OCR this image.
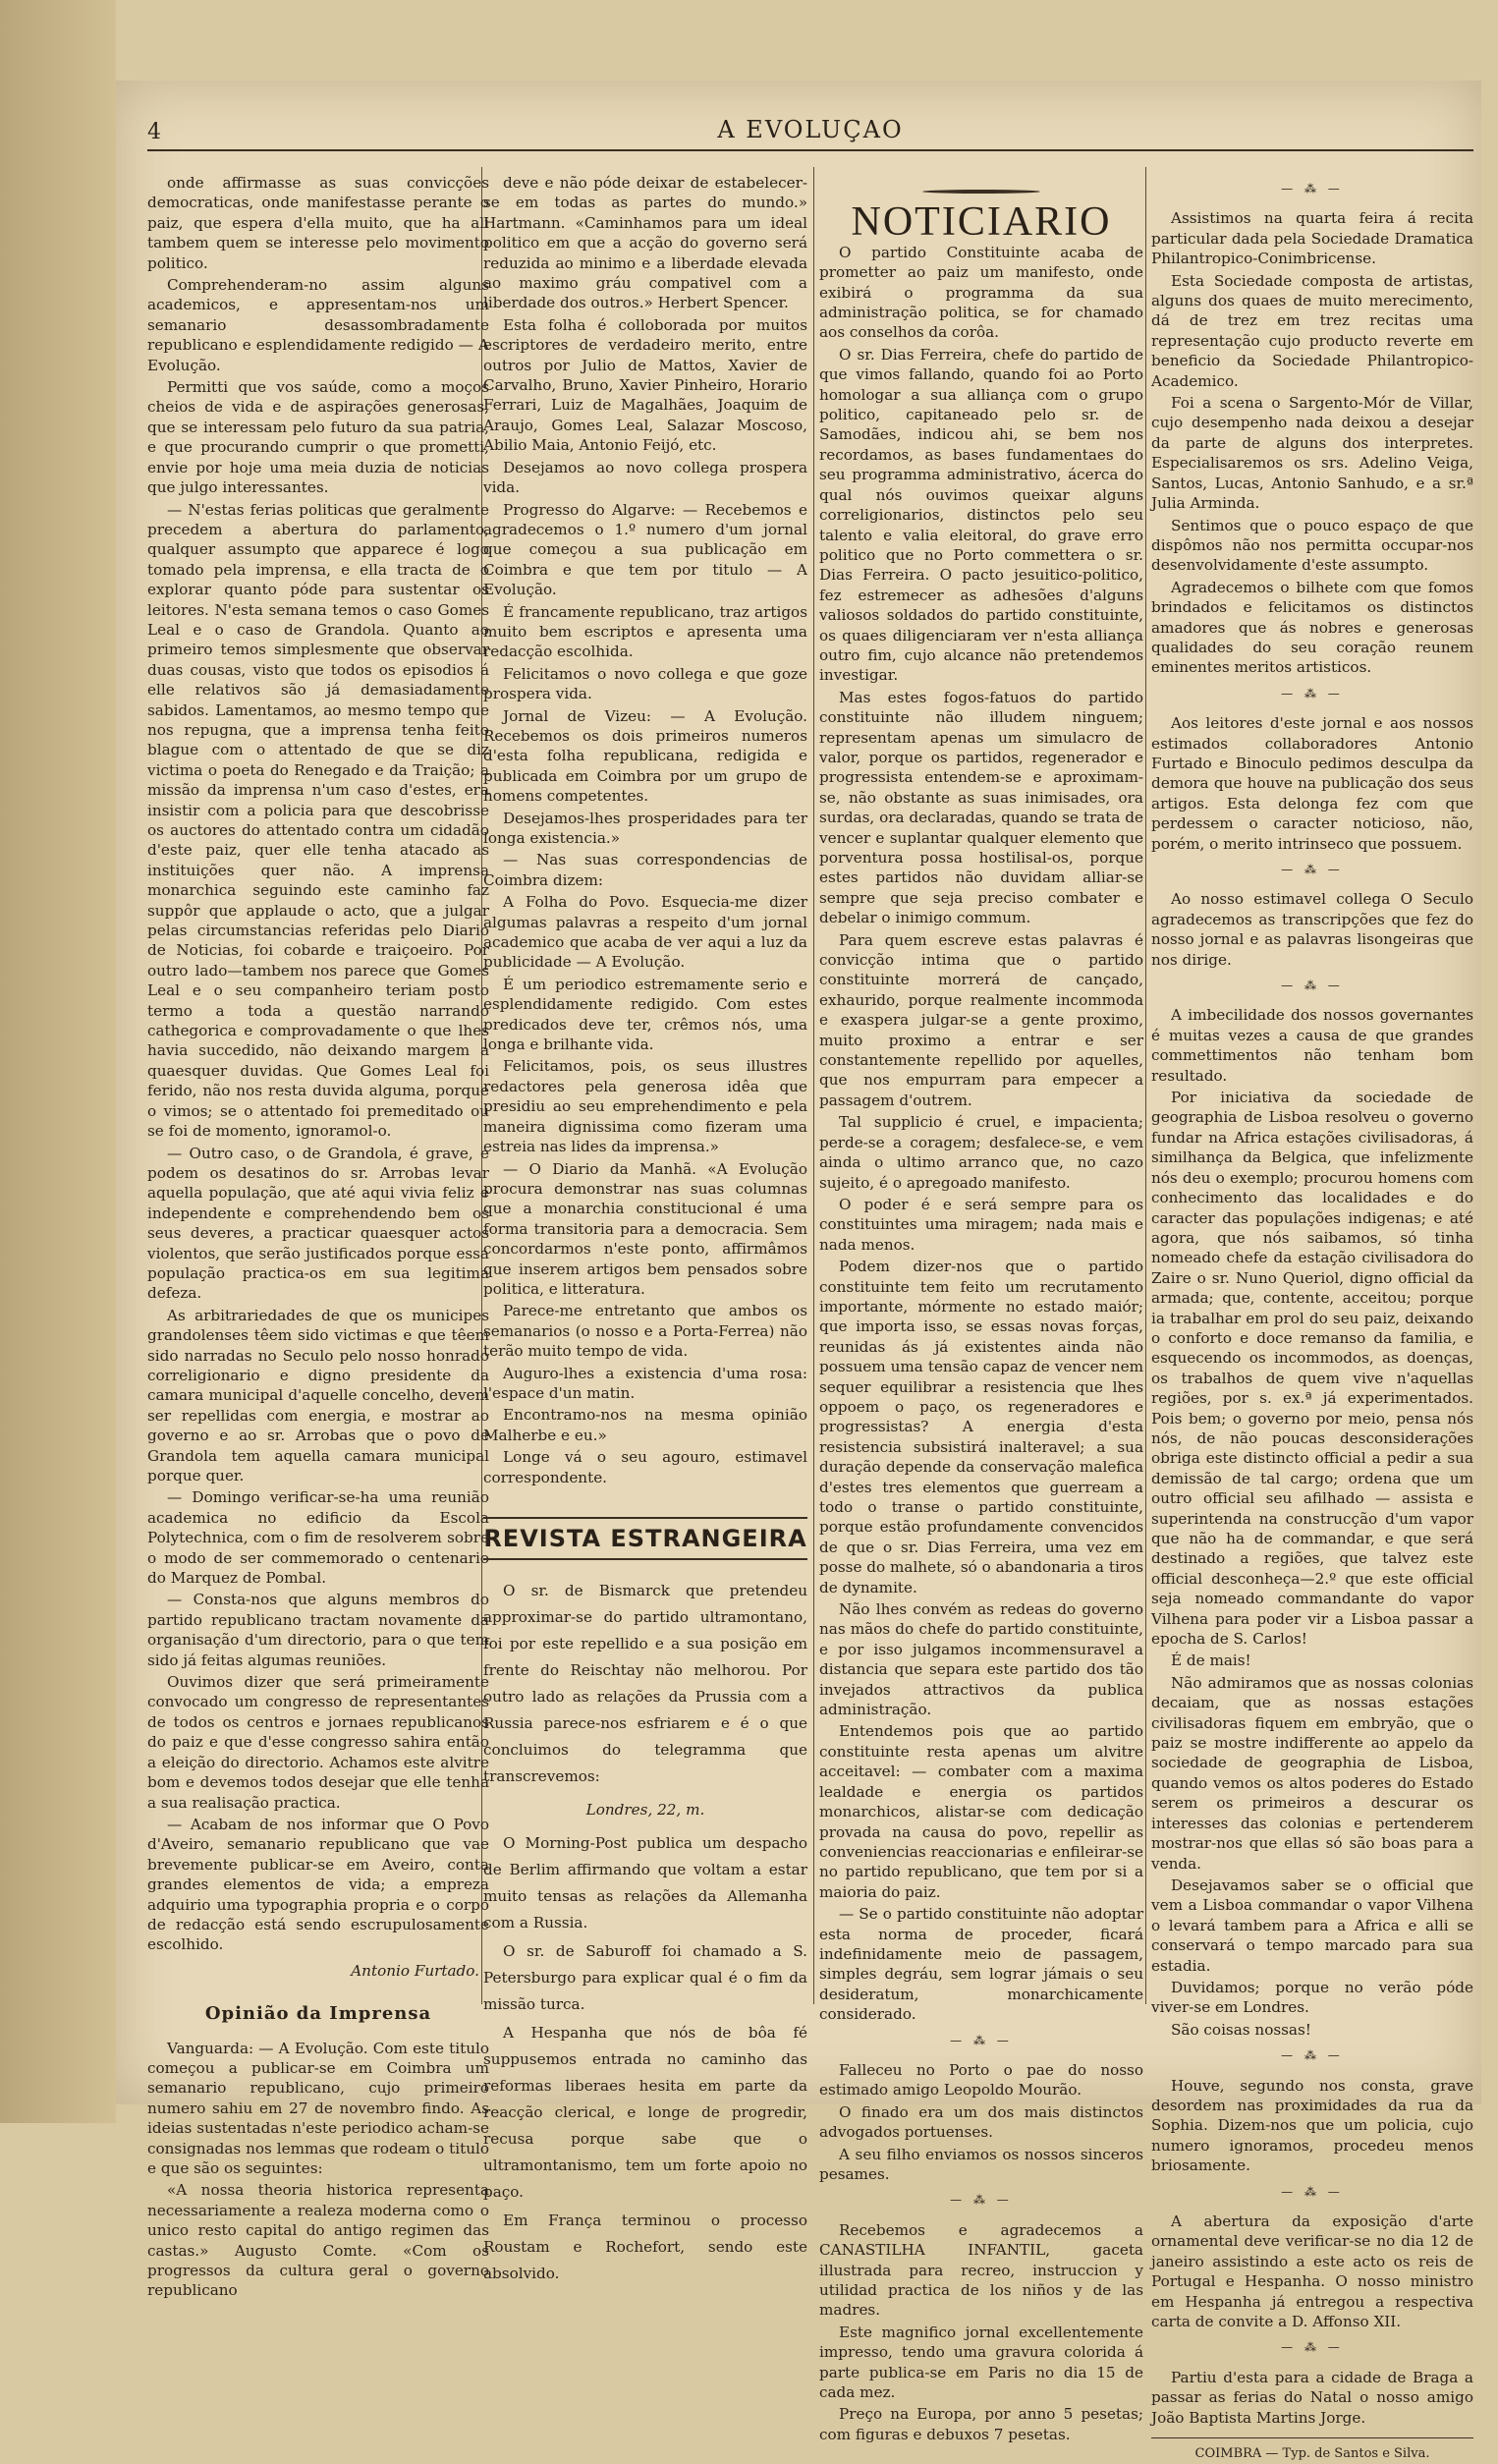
4	A EVOLUÇAO

onde affirmasse as suas convicções democraticas, onde manifestasse perante o paiz, que espera d'ella muito, que ha ali tambem quem se interesse pelo movimento politico.

Comprehenderam-no assim alguns academicos, e appresentam-nos um semanario desassombradamente republicano e esplendidamente redigido — A Evolução.

Permitti que vos saúde, como a moços cheios de vida e de aspirações generosas, que se interessam pelo futuro da sua patria, e que procurando cumprir o que prometti, envie por hoje uma meia duzia de noticias que julgo interessantes.

— N'estas ferias politicas que geralmente precedem a abertura do parlamento, qualquer assumpto que apparece é logo tomado pela imprensa, e ella tracta de o explorar quanto póde para sustentar os leitores. N'esta semana temos o caso Gomes Leal e o caso de Grandola. Quanto ao primeiro temos simplesmente que observar duas cousas, visto que todos os episodios á elle relativos são já demasiadamente sabidos. Lamentamos, ao mesmo tempo que nos repugna, que a imprensa tenha feito blague com o attentado de que se diz victima o poeta do Renegado e da Traição; a missão da imprensa n'um caso d'estes, era insistir com a policia para que descobrisse os auctores do attentado contra um cidadão d'este paiz, quer elle tenha atacado as instituições quer não. A imprensa monarchica seguindo este caminho faz suppôr que applaude o acto, que a julgar pelas circumstancias referidas pelo Diario de Noticias, foi cobarde e traiçoeiro. Por outro lado—tambem nos parece que Gomes Leal e o seu companheiro teriam posto termo a toda a questão narrando cathegorica e comprovadamente o que lhes havia succedido, não deixando margem a quaesquer duvidas. Que Gomes Leal foi ferido, não nos resta duvida alguma, porque o vimos; se o attentado foi premeditado ou se foi de momento, ignoramol-o.

— Outro caso, o de Grandola, é grave, e podem os desatinos do sr. Arrobas levar aquella população, que até aqui vivia feliz e independente e comprehendendo bem os seus deveres, a practicar quaesquer actos violentos, que serão justificados porque essa população practica-os em sua legitima defeza.

As arbitrariedades de que os municipes grandolenses têem sido victimas e que têem sido narradas no Seculo pelo nosso honrado correligionario e digno presidente da camara municipal d'aquelle concelho, devem ser repellidas com energia, e mostrar ao governo e ao sr. Arrobas que o povo de Grandola tem aquella camara municipal porque quer.

— Domingo verificar-se-ha uma reunião academica no edificio da Escola Polytechnica, com o fim de resolverem sobre o modo de ser commemorado o centenario do Marquez de Pombal.

— Consta-nos que alguns membros do partido republicano tractam novamente da organisação d'um directorio, para o que tem sido já feitas algumas reuniões.

Ouvimos dizer que será primeiramente convocado um congresso de representantes de todos os centros e jornaes republicanos do paiz e que d'esse congresso sahira então a eleição do directorio. Achamos este alvitre bom e devemos todos desejar que elle tenha a sua realisação practica.

— Acabam de nos informar que O Povo d'Aveiro, semanario republicano que vae brevemente publicar-se em Aveiro, conta grandes elementos de vida; a empreza adquirio uma typographia propria e o corpo de redacção está sendo escrupulosamente escolhido.

Antonio Furtado.
Opinião da Imprensa

Vanguarda: — A Evolução. Com este titulo começou a publicar-se em Coimbra um semanario republicano, cujo primeiro numero sahiu em 27 de novembro findo. As ideias sustentadas n'este periodico acham-se consignadas nos lemmas que rodeam o titulo e que são os seguintes:

«A nossa theoria historica representa necessariamente a realeza moderna como o unico resto capital do antigo regimen das castas.» Augusto Comte. «Com os progressos da cultura geral o governo republicano

deve e não póde deixar de estabelecer-se em todas as partes do mundo.» Hartmann. «Caminhamos para um ideal politico em que a acção do governo será reduzida ao minimo e a liberdade elevada ao maximo gráu compativel com a liberdade dos outros.» Herbert Spencer.

Esta folha é colloborada por muitos escriptores de verdadeiro merito, entre outros por Julio de Mattos, Xavier de Carvalho, Bruno, Xavier Pinheiro, Horario Ferrari, Luiz de Magalhães, Joaquim de Araujo, Gomes Leal, Salazar Moscoso, Abilio Maia, Antonio Feijó, etc.

Desejamos ao novo collega prospera vida.

Progresso do Algarve: — Recebemos e agradecemos o 1.º numero d'um jornal que começou a sua publicação em Coimbra e que tem por titulo — A Evolução.

É francamente republicano, traz artigos muito bem escriptos e apresenta uma redacção escolhida.

Felicitamos o novo collega e que goze prospera vida.

Jornal de Vizeu: — A Evolução. Recebemos os dois primeiros numeros d'esta folha republicana, redigida e publicada em Coimbra por um grupo de homens competentes.

Desejamos-lhes prosperidades para ter longa existencia.»

— Nas suas correspondencias de Coimbra dizem:

A Folha do Povo. Esquecia-me dizer algumas palavras a respeito d'um jornal academico que acaba de ver aqui a luz da publicidade — A Evolução.

É um periodico estremamente serio e esplendidamente redigido. Com estes predicados deve ter, crêmos nós, uma longa e brilhante vida.

Felicitamos, pois, os seus illustres redactores pela generosa idêa que presidiu ao seu emprehendimento e pela maneira dignissima como fizeram uma estreia nas lides da imprensa.»

— O Diario da Manhã. «A Evolução procura demonstrar nas suas columnas que a monarchia constitucional é uma forma transitoria para a democracia. Sem concordarmos n'este ponto, affirmâmos que inserem artigos bem pensados sobre politica, e litteratura.

Parece-me entretanto que ambos os semanarios (o nosso e a Porta-Ferrea) não terão muito tempo de vida.

Auguro-lhes a existencia d'uma rosa: l'espace d'un matin.

Encontramo-nos na mesma opinião Malherbe e eu.»

Longe vá o seu agouro, estimavel correspondente.

REVISTA ESTRANGEIRA

O sr. de Bismarck que pretendeu approximar-se do partido ultramontano, foi por este repellido e a sua posição em frente do Reischtay não melhorou. Por outro lado as relações da Prussia com a Russia parece-nos esfriarem e é o que concluimos do telegramma que transcrevemos:

Londres, 22, m.

O Morning-Post publica um despacho de Berlim affirmando que voltam a estar muito tensas as relações da Allemanha com a Russia.

O sr. de Saburoff foi chamado a S. Petersburgo para explicar qual é o fim da missão turca.

A Hespanha que nós de bôa fé suppusemos entrada no caminho das reformas liberaes hesita em parte da reacção clerical, e longe de progredir, recusa porque sabe que o ultramontanismo, tem um forte apoio no paço.

Em França terminou o processo Roustam e Rochefort, sendo este absolvido.

NOTICIARIO

O partido Constituinte acaba de prometter ao paiz um manifesto, onde exibirá o programma da sua administração politica, se for chamado aos conselhos da corôa.

O sr. Dias Ferreira, chefe do partido de que vimos fallando, quando foi ao Porto homologar a sua alliança com o grupo politico, capitaneado pelo sr. de Samodães, indicou ahi, se bem nos recordamos, as bases fundamentaes do seu programma administrativo, ácerca do qual nós ouvimos queixar alguns correligionarios, distinctos pelo seu talento e valia eleitoral, do grave erro politico que no Porto commettera o sr. Dias Ferreira. O pacto jesuitico-politico, fez estremecer as adhesões d'alguns valiosos soldados do partido constituinte, os quaes diligenciaram ver n'esta alliança outro fim, cujo alcance não pretendemos investigar.

Mas estes fogos-fatuos do partido constituinte não illudem ninguem; representam apenas um simulacro de valor, porque os partidos, regenerador e progressista entendem-se e aproximam-se, não obstante as suas inimisades, ora surdas, ora declaradas, quando se trata de vencer e suplantar qualquer elemento que porventura possa hostilisal-os, porque estes partidos não duvidam alliar-se sempre que seja preciso combater e debelar o inimigo commum.

Para quem escreve estas palavras é convicção intima que o partido constituinte morrerá de cançado, exhaurido, porque realmente incommoda e exaspera julgar-se a gente proximo, muito proximo a entrar e ser constantemente repellido por aquelles, que nos empurram para empecer a passagem d'outrem.

Tal supplicio é cruel, e impacienta; perde-se a coragem; desfalece-se, e vem ainda o ultimo arranco que, no cazo sujeito, é o apregoado manifesto.

O poder é e será sempre para os constituintes uma miragem; nada mais e nada menos.

Podem dizer-nos que o partido constituinte tem feito um recrutamento importante, mórmente no estado maiór; que importa isso, se essas novas forças, reunidas ás já existentes ainda não possuem uma tensão capaz de vencer nem sequer equilibrar a resistencia que lhes oppoem o paço, os regeneradores e progressistas? A energia d'esta resistencia subsistirá inalteravel; a sua duração depende da conservação malefica d'estes tres elementos que guerream a todo o transe o partido constituinte, porque estão profundamente convencidos de que o sr. Dias Ferreira, uma vez em posse do malhete, só o abandonaria a tiros de dynamite.

Não lhes convém as redeas do governo nas mãos do chefe do partido constituinte, e por isso julgamos incommensuravel a distancia que separa este partido dos tão invejados attractivos da publica administração.

Entendemos pois que ao partido constituinte resta apenas um alvitre acceitavel: — combater com a maxima lealdade e energia os partidos monarchicos, alistar-se com dedicação provada na causa do povo, repellir as conveniencias reaccionarias e enfileirar-se no partido republicano, que tem por si a maioria do paiz.

— Se o partido constituinte não adoptar esta norma de proceder, ficará indefinidamente meio de passagem, simples degráu, sem lograr jámais o seu desideratum, monarchicamente considerado.

— ⁂ —

Falleceu no Porto o pae do nosso estimado amigo Leopoldo Mourão.

O finado era um dos mais distinctos advogados portuenses.

A seu filho enviamos os nossos sinceros pesames.

— ⁂ —

Recebemos e agradecemos a CANASTILHA INFANTIL, gaceta illustrada para recreo, instruccion y utilidad practica de los niños y de las madres.

Este magnifico jornal excellentemente impresso, tendo uma gravura colorida á parte publica-se em Paris no dia 15 de cada mez.

Preço na Europa, por anno 5 pesetas; com figuras e debuxos 7 pesetas.

— ⁂ —

Assistimos na quarta feira á recita particular dada pela Sociedade Dramatica Philantropico-Conimbricense.

Esta Sociedade composta de artistas, alguns dos quaes de muito merecimento, dá de trez em trez recitas uma representação cujo producto reverte em beneficio da Sociedade Philantropico-Academico.

Foi a scena o Sargento-Mór de Villar, cujo desempenho nada deixou a desejar da parte de alguns dos interpretes. Especialisaremos os srs. Adelino Veiga, Santos, Lucas, Antonio Sanhudo, e a sr.ª Julia Arminda.

Sentimos que o pouco espaço de que dispômos não nos permitta occupar-nos desenvolvidamente d'este assumpto.

Agradecemos o bilhete com que fomos brindados e felicitamos os distinctos amadores que ás nobres e generosas qualidades do seu coração reunem eminentes meritos artisticos.

— ⁂ —

Aos leitores d'este jornal e aos nossos estimados collaboradores Antonio Furtado e Binoculo pedimos desculpa da demora que houve na publicação dos seus artigos. Esta delonga fez com que perdessem o caracter noticioso, não, porém, o merito intrinseco que possuem.

— ⁂ —

Ao nosso estimavel collega O Seculo agradecemos as transcripções que fez do nosso jornal e as palavras lisongeiras que nos dirige.

— ⁂ —

A imbecilidade dos nossos governantes é muitas vezes a causa de que grandes commettimentos não tenham bom resultado.

Por iniciativa da sociedade de geographia de Lisboa resolveu o governo fundar na Africa estações civilisadoras, á similhança da Belgica, que infelizmente nós deu o exemplo; procurou homens com conhecimento das localidades e do caracter das populações indigenas; e até agora, que nós saibamos, só tinha nomeado chefe da estação civilisadora do Zaire o sr. Nuno Queriol, digno official da armada; que, contente, acceitou; porque ia trabalhar em prol do seu paiz, deixando o conforto e doce remanso da familia, e esquecendo os incommodos, as doenças, os trabalhos de quem vive n'aquellas regiões, por s. ex.ª já experimentados. Pois bem; o governo por meio, pensa nós nós, de não poucas desconsiderações obriga este distincto official a pedir a sua demissão de tal cargo; ordena que um outro official seu afilhado — assista e superintenda na construcção d'um vapor que não ha de commandar, e que será destinado a regiões, que talvez este official desconheça—2.º que este official seja nomeado commandante do vapor Vilhena para poder vir a Lisboa passar a epocha de S. Carlos!

É de mais!

Não admiramos que as nossas colonias decaiam, que as nossas estações civilisadoras fiquem em embryão, que o paiz se mostre indifferente ao appelo da sociedade de geographia de Lisboa, quando vemos os altos poderes do Estado serem os primeiros a descurar os interesses das colonias e pertenderem mostrar-nos que ellas só são boas para a venda.

Desejavamos saber se o official que vem a Lisboa commandar o vapor Vilhena o levará tambem para a Africa e alli se conservará o tempo marcado para sua estadia.

Duvidamos; porque no verão póde viver-se em Londres.

São coisas nossas!

— ⁂ —

Houve, segundo nos consta, grave desordem nas proximidades da rua da Sophia. Dizem-nos que um policia, cujo numero ignoramos, procedeu menos briosamente.

— ⁂ —

A abertura da exposição d'arte ornamental deve verificar-se no dia 12 de janeiro assistindo a este acto os reis de Portugal e Hespanha. O nosso ministro em Hespanha já entregou a respectiva carta de convite a D. Affonso XII.

— ⁂ —

Partiu d'esta para a cidade de Braga a passar as ferias do Natal o nosso amigo João Baptista Martins Jorge.

COIMBRA — Typ. de Santos e Silva.
